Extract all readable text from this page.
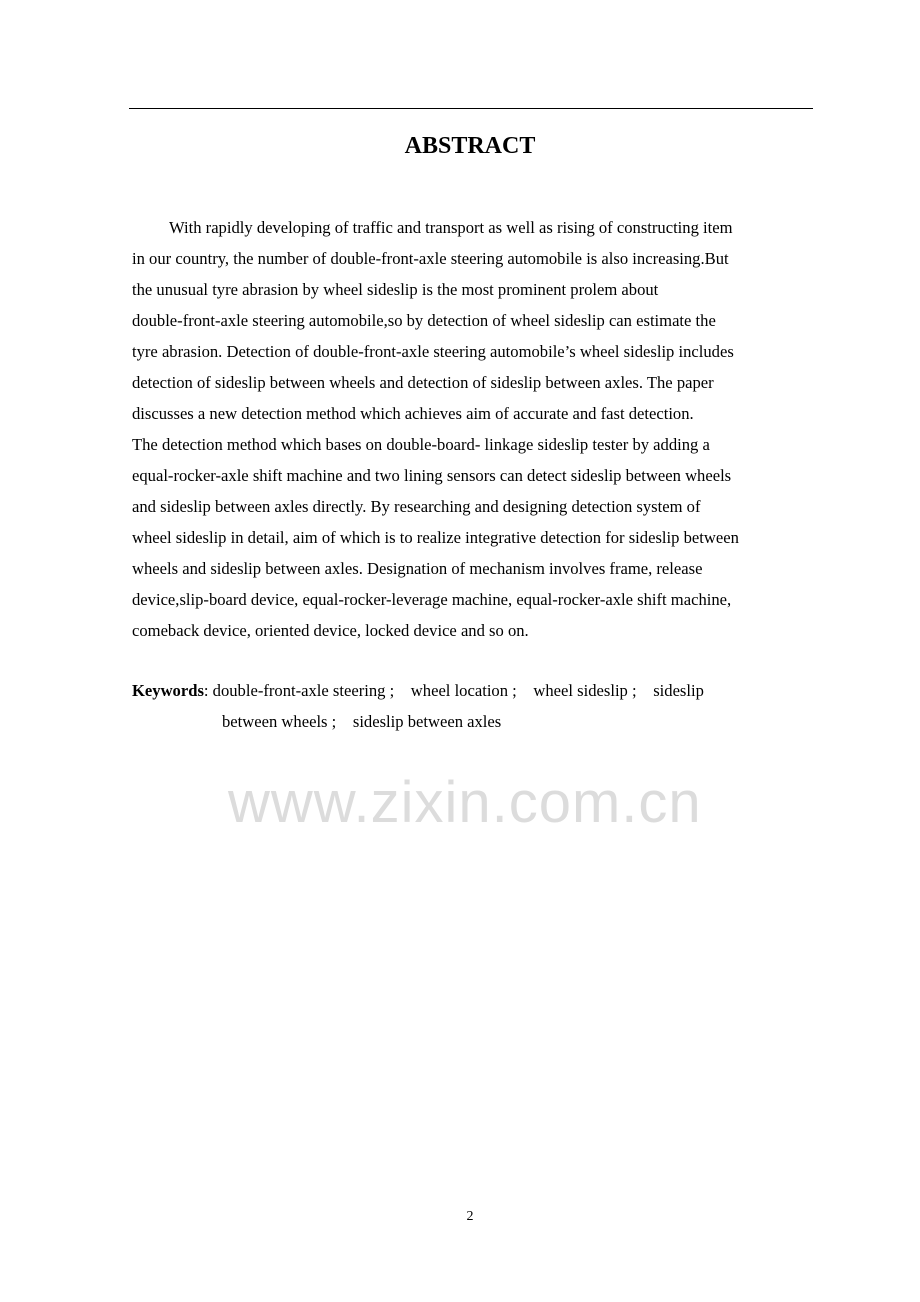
ABSTRACT
With rapidly developing of traffic and transport as well as rising of constructing item
in our country, the number of double-front-axle steering automobile is also increasing.But
the unusual tyre abrasion by wheel sideslip is the most prominent prolem about
double-front-axle steering automobile,so by detection of wheel sideslip can estimate the
tyre abrasion. Detection of double-front-axle steering automobile’s wheel sideslip includes
detection of sideslip between wheels and detection of sideslip between axles. The paper
discusses a new detection method which achieves aim of accurate and fast detection.
The detection method which bases on double-board- linkage sideslip tester by adding a
equal-rocker-axle shift machine and two lining sensors can detect sideslip between wheels
and sideslip between axles directly. By researching and designing detection system of
wheel sideslip in detail, aim of which is to realize integrative detection for sideslip between
wheels and sideslip between axles. Designation of mechanism involves frame, release
device,slip-board device, equal-rocker-leverage machine, equal-rocker-axle shift machine,
comeback device, oriented device, locked device and so on.
Keywords: double-front-axle steering ;    wheel location ;    wheel sideslip ;    sideslip
between wheels ;    sideslip between axles
www.zixin.com.cn
2
